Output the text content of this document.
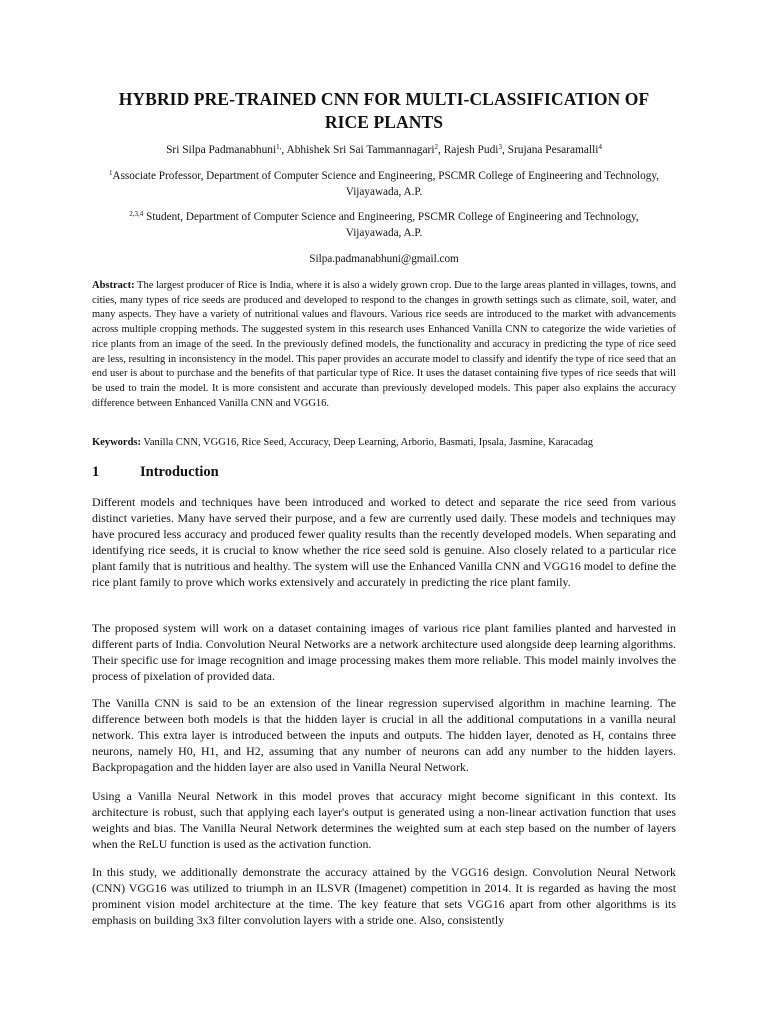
HYBRID PRE-TRAINED CNN FOR MULTI-CLASSIFICATION OF
RICE PLANTS
Sri Silpa Padmanabhuni$^{1,}$, Abhishek Sri Sai Tammannagari$^2$, Rajesh Pudi$^3$, Srujana Pesaramalli$^4$
$^1$Associate Professor, Department of Computer Science and Engineering, PSCMR College of Engineering and Technology,
Vijayawada, A.P.
$^{2,3,4}$ Student, Department of Computer Science and Engineering, PSCMR College of Engineering and Technology,
Vijayawada, A.P.
Silpa.padmanabhuni@gmail.com
Abstract: The largest producer of Rice is India, where it is also a widely grown crop. Due to the large areas planted in villages, towns, and cities, many types of rice seeds are produced and developed to respond to the changes in growth settings such as climate, soil, water, and many aspects. They have a variety of nutritional values and flavours. Various rice seeds are introduced to the market with advancements across multiple cropping methods. The suggested system in this research uses Enhanced Vanilla CNN to categorize the wide varieties of rice plants from an image of the seed. In the previously defined models, the functionality and accuracy in predicting the type of rice seed are less, resulting in inconsistency in the model. This paper provides an accurate model to classify and identify the type of rice seed that an end user is about to purchase and the benefits of that particular type of Rice. It uses the dataset containing five types of rice seeds that will be used to train the model. It is more consistent and accurate than previously developed models. This paper also explains the accuracy difference between Enhanced Vanilla CNN and VGG16.
Keywords: Vanilla CNN, VGG16, Rice Seed, Accuracy, Deep Learning, Arborio, Basmati, Ipsala, Jasmine, Karacadag
1	Introduction
Different models and techniques have been introduced and worked to detect and separate the rice seed from various distinct varieties. Many have served their purpose, and a few are currently used daily. These models and techniques may have procured less accuracy and produced fewer quality results than the recently developed models. When separating and identifying rice seeds, it is crucial to know whether the rice seed sold is genuine. Also closely related to a particular rice plant family that is nutritious and healthy. The system will use the Enhanced Vanilla CNN and VGG16 model to define the rice plant family to prove which works extensively and accurately in predicting the rice plant family.
The proposed system will work on a dataset containing images of various rice plant families planted and harvested in different parts of India. Convolution Neural Networks are a network architecture used alongside deep learning algorithms. Their specific use for image recognition and image processing makes them more reliable. This model mainly involves the process of pixelation of provided data.
The Vanilla CNN is said to be an extension of the linear regression supervised algorithm in machine learning. The difference between both models is that the hidden layer is crucial in all the additional computations in a vanilla neural network. This extra layer is introduced between the inputs and outputs. The hidden layer, denoted as H, contains three neurons, namely H0, H1, and H2, assuming that any number of neurons can add any number to the hidden layers. Backpropagation and the hidden layer are also used in Vanilla Neural Network.
Using a Vanilla Neural Network in this model proves that accuracy might become significant in this context. Its architecture is robust, such that applying each layer's output is generated using a non-linear activation function that uses weights and bias. The Vanilla Neural Network determines the weighted sum at each step based on the number of layers when the ReLU function is used as the activation function.
In this study, we additionally demonstrate the accuracy attained by the VGG16 design. Convolution Neural Network (CNN) VGG16 was utilized to triumph in an ILSVR (Imagenet) competition in 2014. It is regarded as having the most prominent vision model architecture at the time. The key feature that sets VGG16 apart from other algorithms is its emphasis on building 3x3 filter convolution layers with a stride one. Also, consistently
